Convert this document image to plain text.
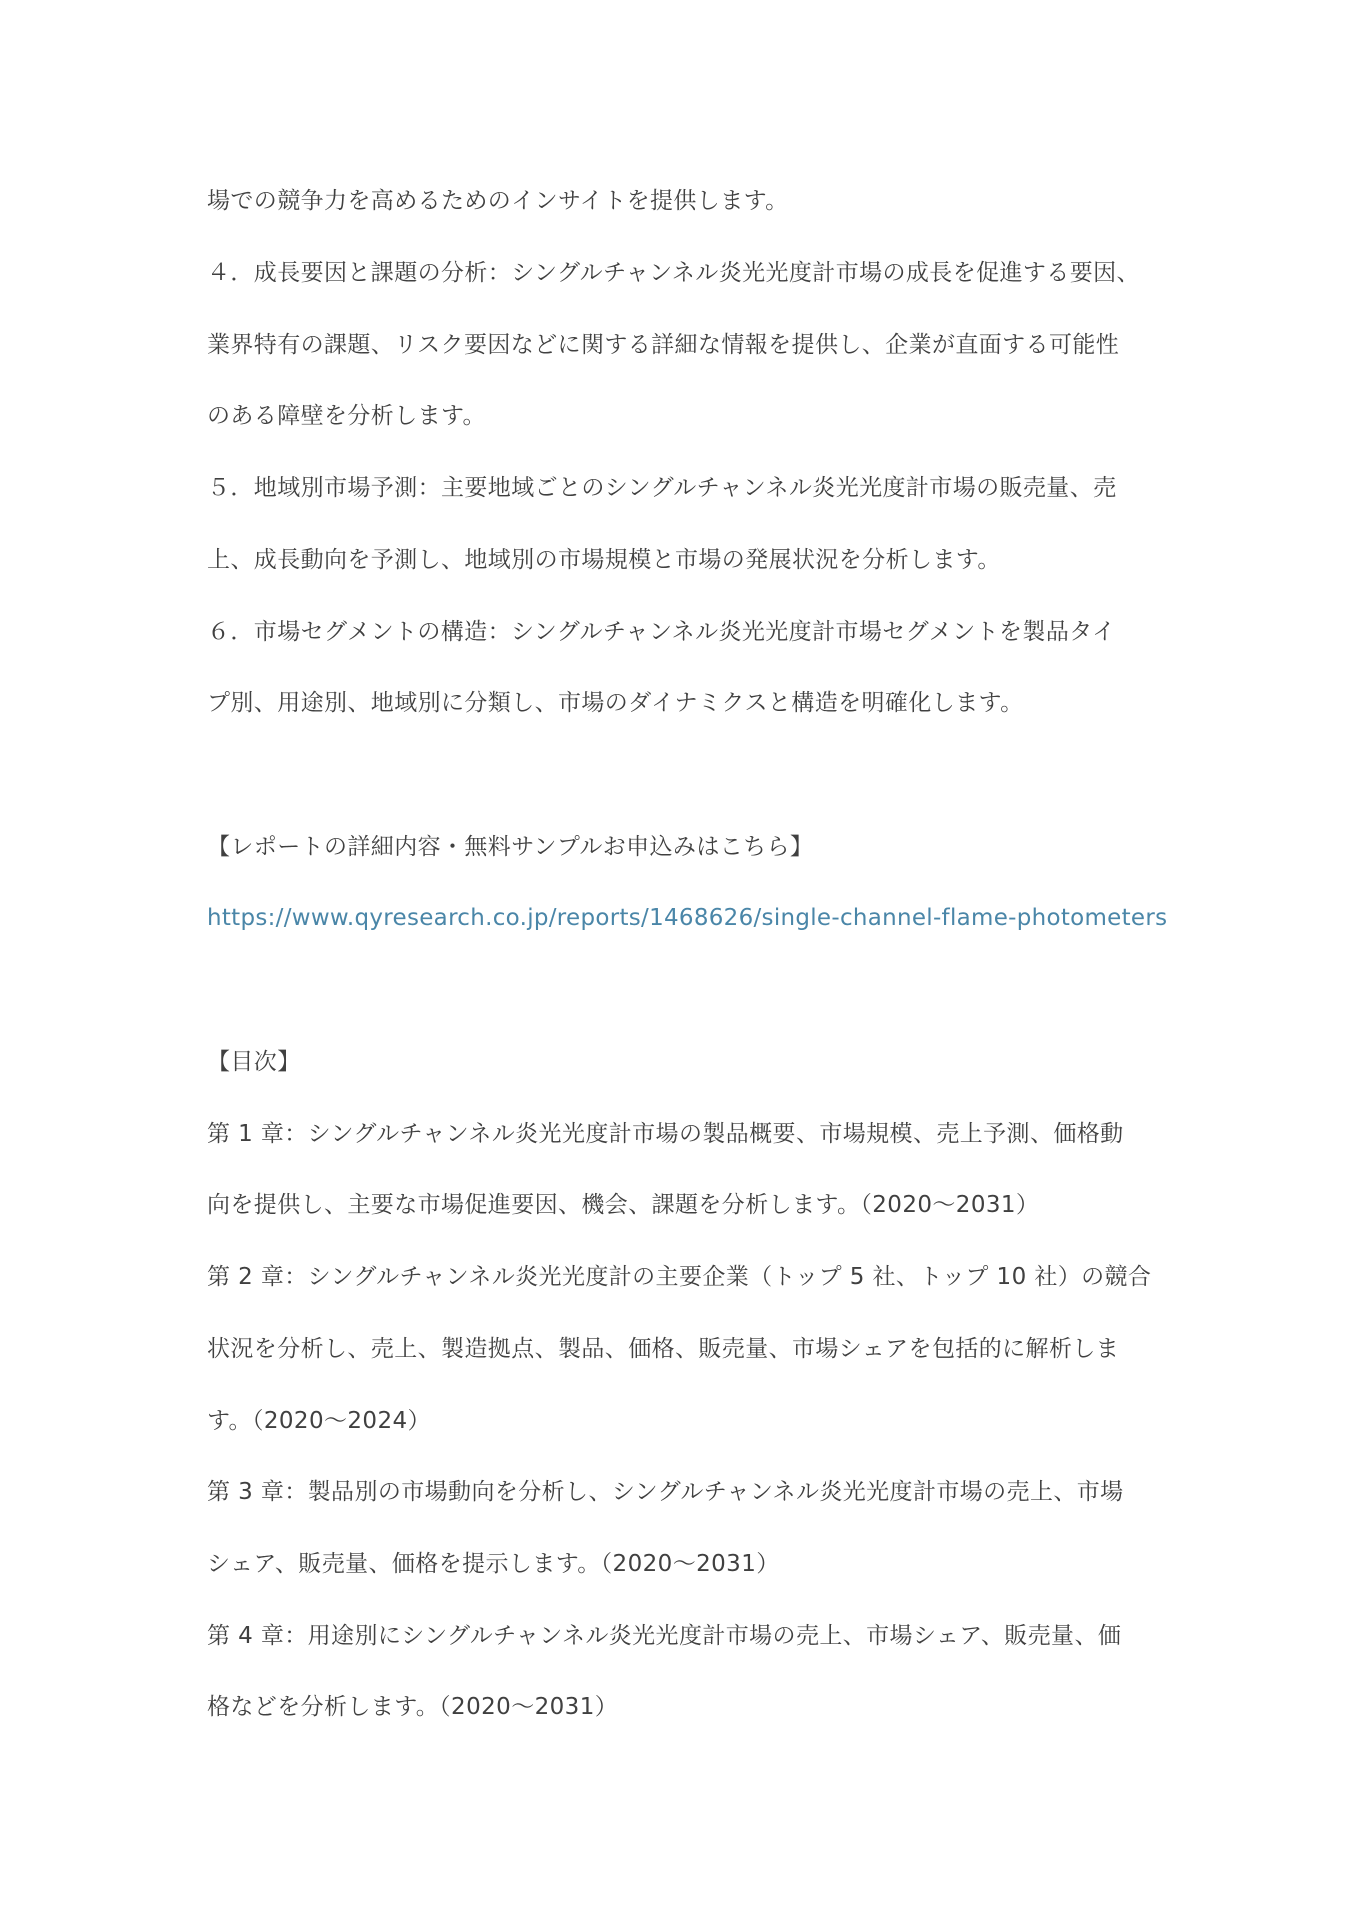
場での競争力を高めるためのインサイトを提供します。
４．成長要因と課題の分析：シングルチャンネル炎光光度計市場の成長を促進する要因、
業界特有の課題、リスク要因などに関する詳細な情報を提供し、企業が直面する可能性
のある障壁を分析します。
５．地域別市場予測：主要地域ごとのシングルチャンネル炎光光度計市場の販売量、売
上、成長動向を予測し、地域別の市場規模と市場の発展状況を分析します。
６．市場セグメントの構造：シングルチャンネル炎光光度計市場セグメントを製品タイ
プ別、用途別、地域別に分類し、市場のダイナミクスと構造を明確化します。
【レポートの詳細内容・無料サンプルお申込みはこちら】
https://www.qyresearch.co.jp/reports/1468626/single-channel-flame-photometers
【目次】
第 1 章：シングルチャンネル炎光光度計市場の製品概要、市場規模、売上予測、価格動
向を提供し、主要な市場促進要因、機会、課題を分析します。（2020～2031）
第 2 章：シングルチャンネル炎光光度計の主要企業（トップ 5 社、トップ 10 社）の競合
状況を分析し、売上、製造拠点、製品、価格、販売量、市場シェアを包括的に解析しま
す。（2020～2024）
第 3 章：製品別の市場動向を分析し、シングルチャンネル炎光光度計市場の売上、市場
シェア、販売量、価格を提示します。（2020～2031）
第 4 章：用途別にシングルチャンネル炎光光度計市場の売上、市場シェア、販売量、価
格などを分析します。（2020～2031）
